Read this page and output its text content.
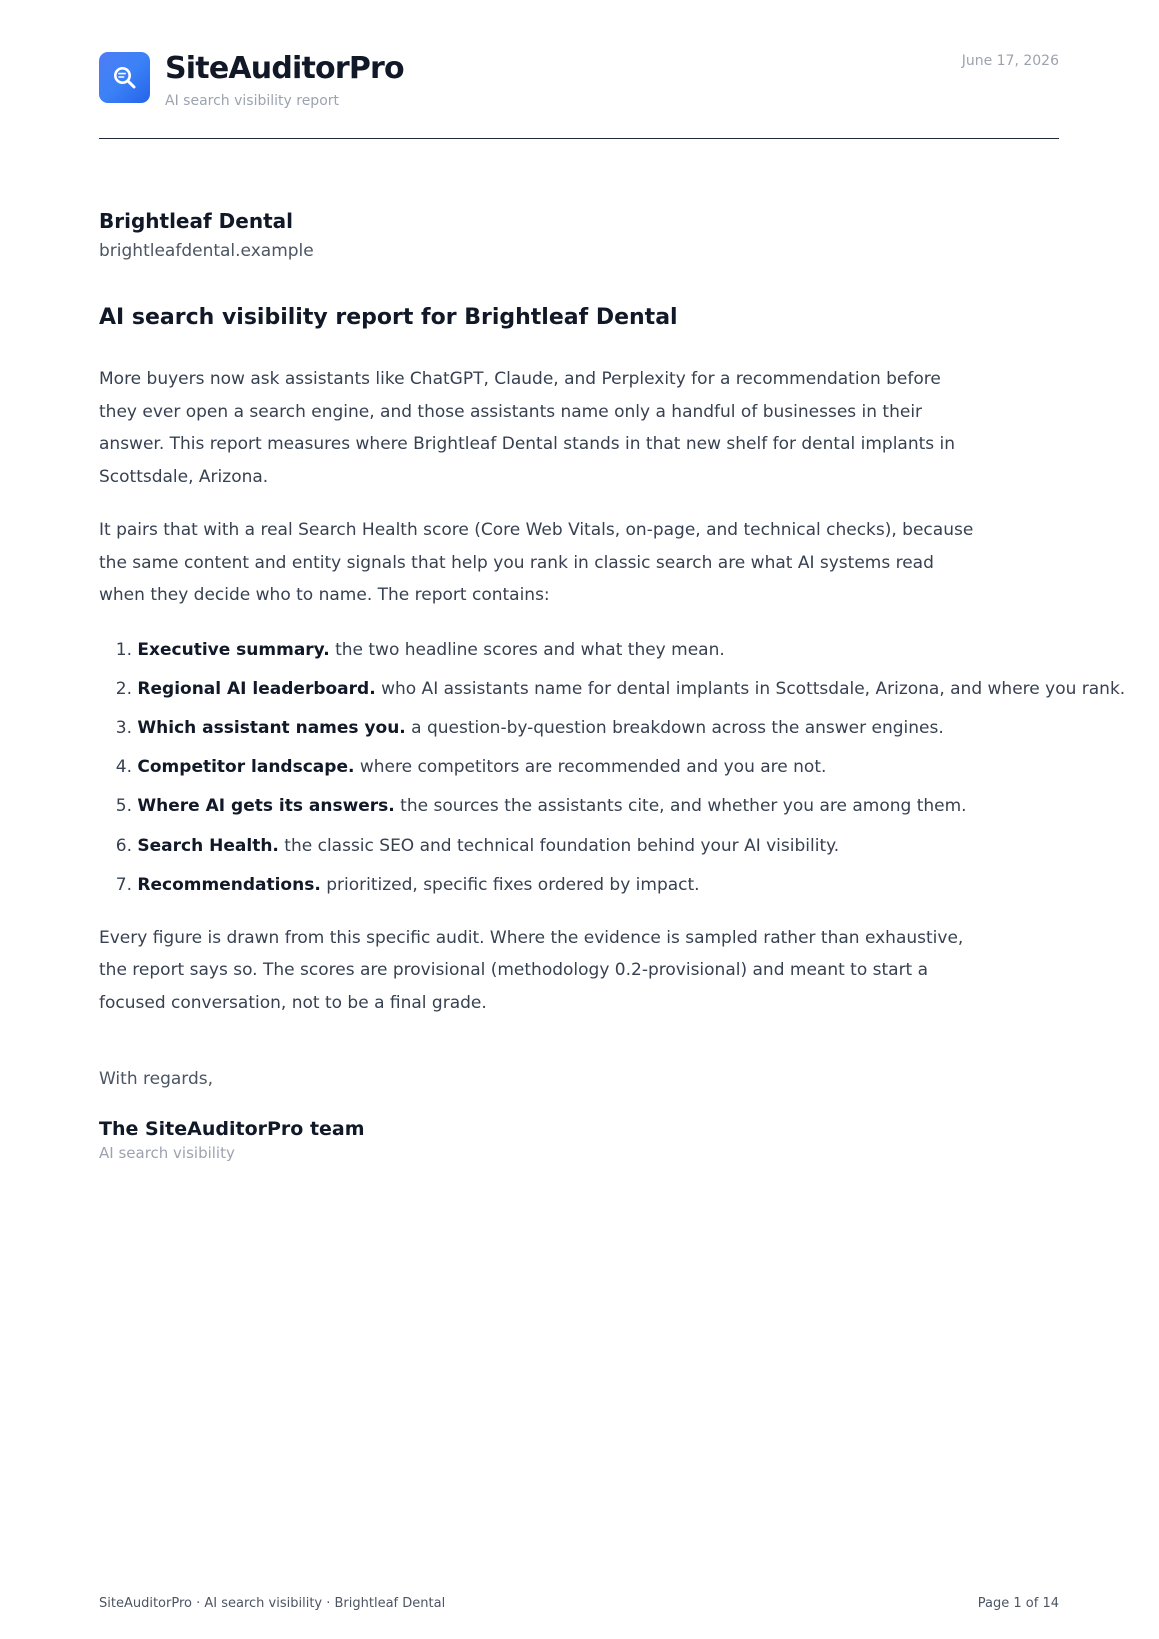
SiteAuditorPro
AI search visibility report
June 17, 2026
Brightleaf Dental
brightleafdental.example
AI search visibility report for Brightleaf Dental

More buyers now ask assistants like ChatGPT, Claude, and Perplexity for a recommendation before they ever open a search engine, and those assistants name only a handful of businesses in their answer. This report measures where Brightleaf Dental stands in that new shelf for dental implants in Scottsdale, Arizona.

It pairs that with a real Search Health score (Core Web Vitals, on-page, and technical checks), because the same content and entity signals that help you rank in classic search are what AI systems read when they decide who to name. The report contains:

1.
Executive summary.
the two headline scores and what they mean.
2.
Regional AI leaderboard.
who AI assistants name for dental implants in Scottsdale, Arizona, and where you rank.
3.
Which assistant names you.
a question-by-question breakdown across the answer engines.
4.
Competitor landscape.
where competitors are recommended and you are not.
5.
Where AI gets its answers.
the sources the assistants cite, and whether you are among them.
6.
Search Health.
the classic SEO and technical foundation behind your AI visibility.
7.
Recommendations.
prioritized, specific fixes ordered by impact.

Every figure is drawn from this specific audit. Where the evidence is sampled rather than exhaustive, the report says so. The scores are provisional (methodology 0.2-provisional) and meant to start a focused conversation, not to be a final grade.

With regards,
The SiteAuditorPro team
AI search visibility
SiteAuditorPro · AI search visibility · Brightleaf Dental	Page 1 of 14
